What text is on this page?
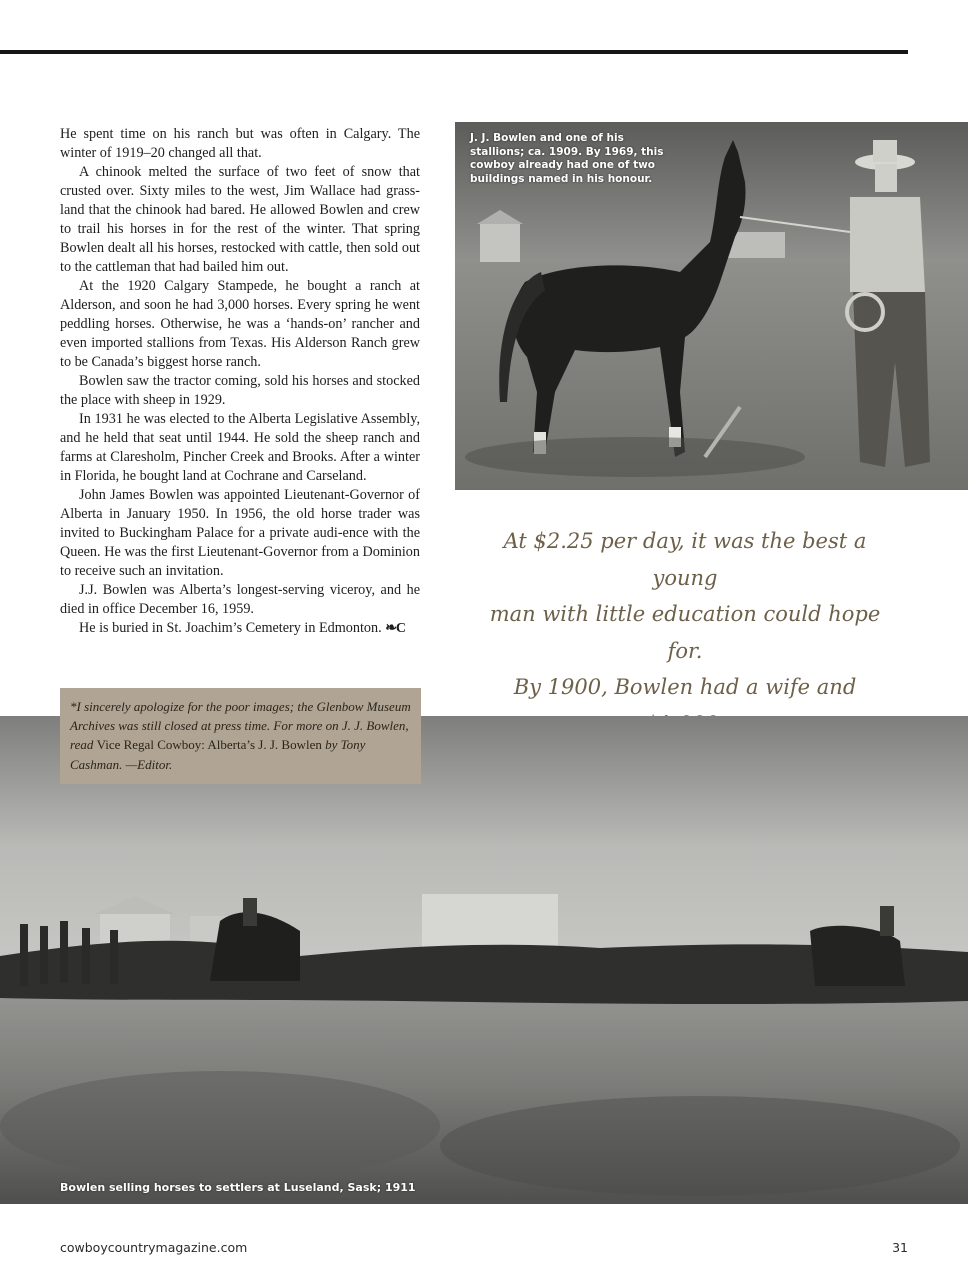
He spent time on his ranch but was often in Calgary. The winter of 1919–20 changed all that.

A chinook melted the surface of two feet of snow that crusted over. Sixty miles to the west, Jim Wallace had grass-land that the chinook had bared. He allowed Bowlen and crew to trail his horses in for the rest of the winter. That spring Bowlen dealt all his horses, restocked with cattle, then sold out to the cattleman that had bailed him out.

At the 1920 Calgary Stampede, he bought a ranch at Alderson, and soon he had 3,000 horses. Every spring he went peddling horses. Otherwise, he was a ‘hands-on’ rancher and even imported stallions from Texas. His Alderson Ranch grew to be Canada’s biggest horse ranch.

Bowlen saw the tractor coming, sold his horses and stocked the place with sheep in 1929.

In 1931 he was elected to the Alberta Legislative Assembly, and he held that seat until 1944. He sold the sheep ranch and farms at Claresholm, Pincher Creek and Brooks. After a winter in Florida, he bought land at Cochrane and Carseland.

John James Bowlen was appointed Lieutenant-Governor of Alberta in January 1950. In 1956, the old horse trader was invited to Buckingham Palace for a private audi-ence with the Queen. He was the first Lieutenant-Governor from a Dominion to receive such an invitation.

J.J. Bowlen was Alberta’s longest-serving viceroy, and he died in office December 16, 1959.

He is buried in St. Joachim’s Cemetery in Edmonton. ❧C

J. J. Bowlen and one of his stallions; ca. 1909. By 1969, this cowboy already had one of two buildings named in his honour.
At $2.25 per day, it was the best a young
man with little education could hope for.
By 1900, Bowlen had a wife and
Bowlen selling horses to settlers at Luseland, Sask; 1911
*I sincerely apologize for the poor images; the Glenbow Museum Archives was still closed at press time. For more on J. J. Bowlen, read Vice Regal Cowboy: Alberta’s J. J. Bowlen by Tony Cashman. —Editor.
cowboycountrymagazine.com	31
